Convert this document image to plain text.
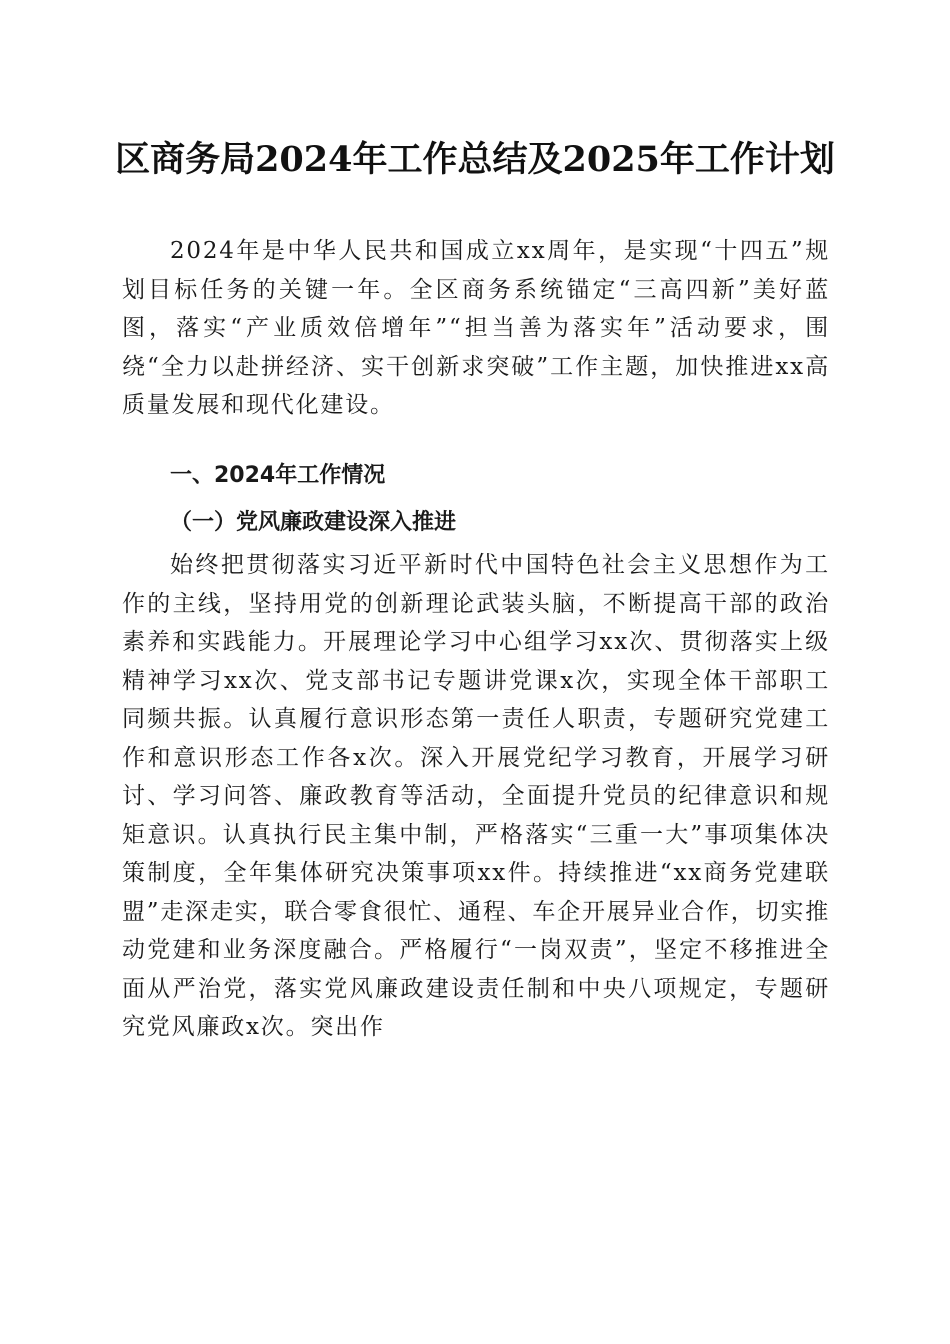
区商务局2024年工作总结及2025年工作计划

2024年是中华人民共和国成立xx周年，是实现“十四五”规划目标任务的关键一年。全区商务系统锚定“三高四新”美好蓝图，落实“产业质效倍增年”“担当善为落实年”活动要求，围绕“全力以赴拼经济、实干创新求突破”工作主题，加快推进xx高质量发展和现代化建设。

一、2024年工作情况
（一）党风廉政建设深入推进

始终把贯彻落实习近平新时代中国特色社会主义思想作为工作的主线，坚持用党的创新理论武装头脑，不断提高干部的政治素养和实践能力。开展理论学习中心组学习xx次、贯彻落实上级精神学习xx次、党支部书记专题讲党课x次，实现全体干部职工同频共振。认真履行意识形态第一责任人职责，专题研究党建工作和意识形态工作各x次。深入开展党纪学习教育，开展学习研讨、学习问答、廉政教育等活动，全面提升党员的纪律意识和规矩意识。认真执行民主集中制，严格落实“三重一大”事项集体决策制度，全年集体研究决策事项xx件。持续推进“xx商务党建联盟”走深走实，联合零食很忙、通程、车企开展异业合作，切实推动党建和业务深度融合。严格履行“一岗双责”，坚定不移推进全面从严治党，落实党风廉政建设责任制和中央八项规定，专题研究党风廉政x次。突出作
